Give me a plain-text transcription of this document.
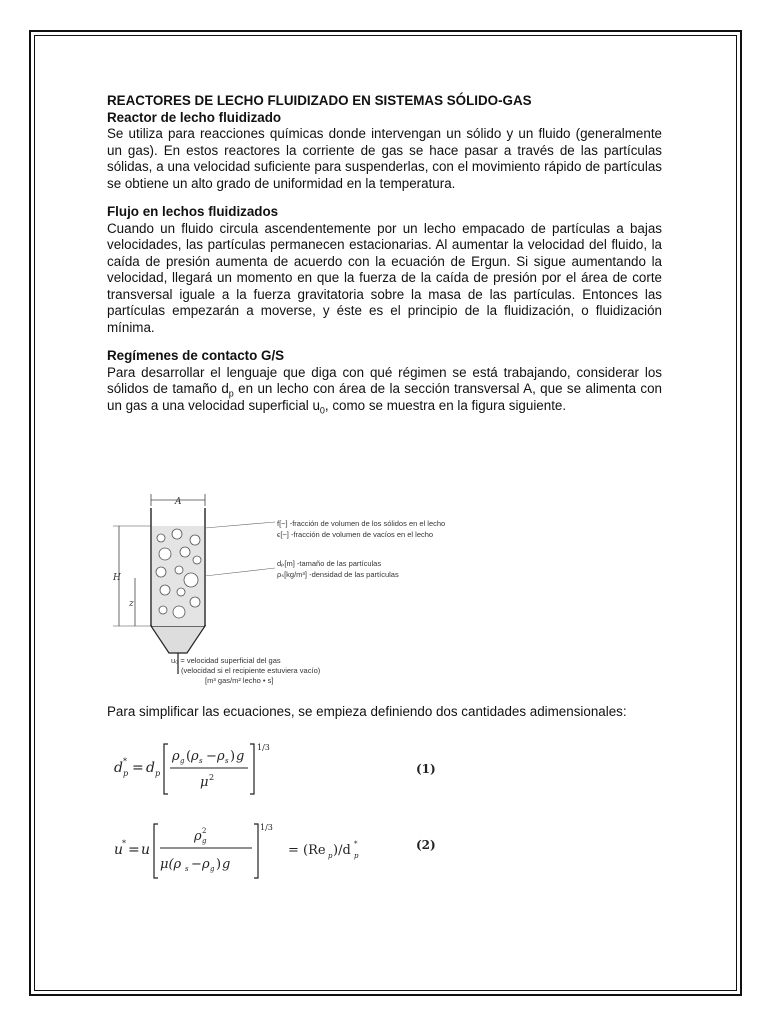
REACTORES DE LECHO FLUIDIZADO EN SISTEMAS SÓLIDO-GAS

Reactor de lecho fluidizado

Se utiliza para reacciones químicas donde intervengan un sólido y un fluido (generalmente un gas). En estos reactores la corriente de gas se hace pasar a través de las partículas sólidas, a una velocidad suficiente para suspenderlas, con el movimiento rápido de partículas se obtiene un alto grado de uniformidad en la temperatura.

Flujo en lechos fluidizados

Cuando un fluido circula ascendentemente por un lecho empacado de partículas a bajas velocidades, las partículas permanecen estacionarias. Al aumentar la velocidad del fluido, la caída de presión aumenta de acuerdo con la ecuación de Ergun. Si sigue aumentando la velocidad, llegará un momento en que la fuerza de la caída de presión por el área de corte transversal iguale a la fuerza gravitatoria sobre la masa de las partículas. Entonces las partículas empezarán a moverse, y éste es el principio de la fluidización, o fluidización mínima.

Regímenes de contacto G/S

Para desarrollar el lenguaje que diga con qué régimen se está trabajando, considerar los sólidos de tamaño $d_p$ en un lecho con área de la sección transversal A, que se alimenta con un gas a una velocidad superficial $u_0$, como se muestra en la figura siguiente.

A
H
z
f[−] -fracción de volumen de los sólidos en el lecho
ϵ[−] -fracción de volumen de vacíos en el lecho
dₚ[m] -tamaño de las partículas
ρₛ[kg/m³] -densidad de las partículas
u₀ = velocidad superficial del gas
(velocidad si el recipiente estuviera vacío)
[m³ gas/m² lecho • s]

Para simplificar las ecuaciones, se empieza definiendo dos cantidades adimensionales:

d p
* = d p
ρ g ( ρ s − ρ s ) g
μ 2
1/3
(1)
u
* = u
ρ g
2
μ(ρ s − ρ g ) g
1/3
= (Re p )/d p
*	(2)
